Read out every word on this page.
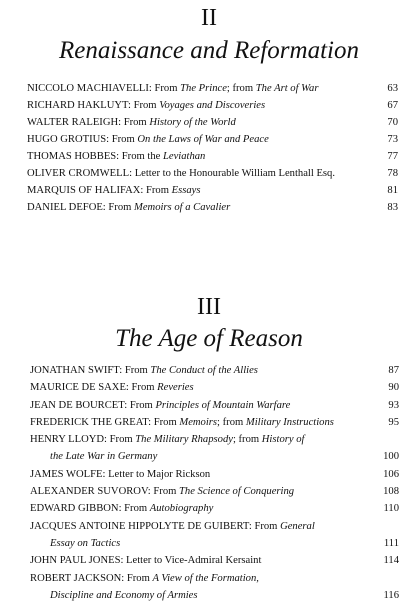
II
Renaissance and Reformation
NICCOLO MACHIAVELLI: From The Prince; from The Art of War	63
RICHARD HAKLUYT: From Voyages and Discoveries	67
WALTER RALEIGH: From History of the World	70
HUGO GROTIUS: From On the Laws of War and Peace	73
THOMAS HOBBES: From the Leviathan	77
OLIVER CROMWELL: Letter to the Honourable William Lenthall Esq.	78
MARQUIS OF HALIFAX: From Essays	81
DANIEL DEFOE: From Memoirs of a Cavalier	83
III
The Age of Reason
JONATHAN SWIFT: From The Conduct of the Allies	87
MAURICE DE SAXE: From Reveries	90
JEAN DE BOURCET: From Principles of Mountain Warfare	93
FREDERICK THE GREAT: From Memoirs; from Military Instructions	95
HENRY LLOYD: From The Military Rhapsody; from History of
the Late War in Germany	100
JAMES WOLFE: Letter to Major Rickson	106
ALEXANDER SUVOROV: From The Science of Conquering	108
EDWARD GIBBON: From Autobiography	110
JACQUES ANTOINE HIPPOLYTE DE GUIBERT: From General
Essay on Tactics	111
JOHN PAUL JONES: Letter to Vice-Admiral Kersaint	114
ROBERT JACKSON: From A View of the Formation,
Discipline and Economy of Armies	116
